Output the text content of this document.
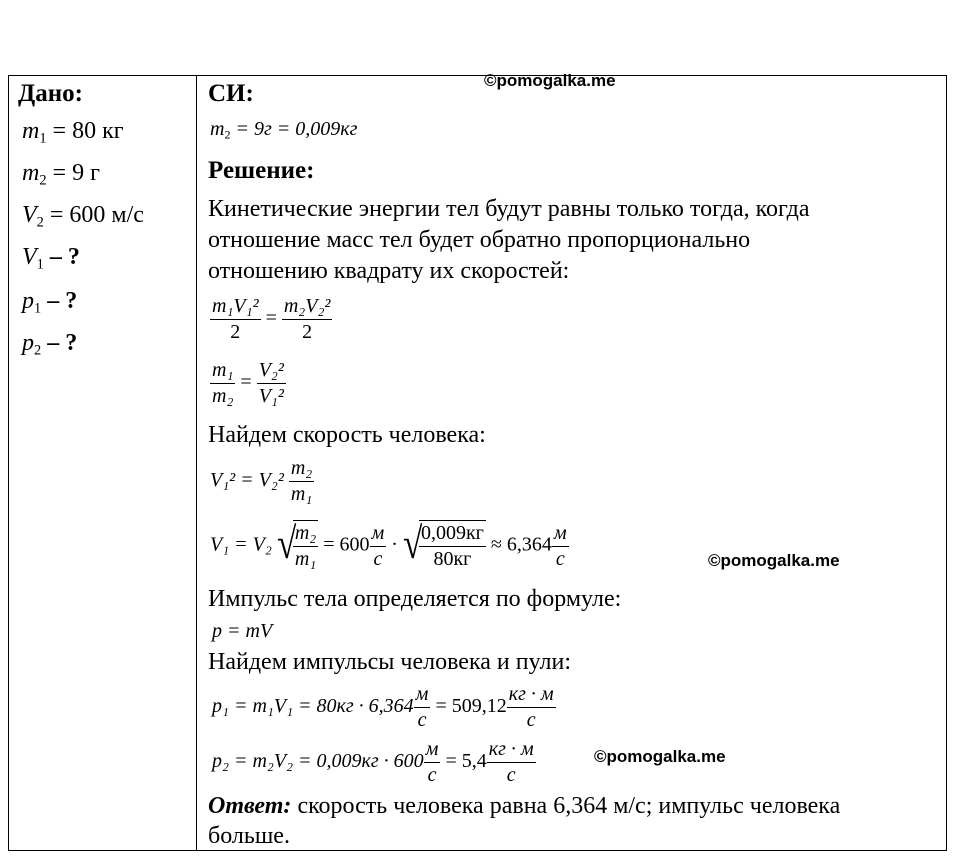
©pomogalka.me
©pomogalka.me
©pomogalka.me
Дано:
$m_1 = 80$ кг
$m_2 = 9$ г
$V_2 = 600$ м/с
$V_1$ – ?
$p_1$ – ?
$p_2$ – ?
СИ:
$m_2 = 9г = 0,009кг$
Решение:
Кинетические энергии тел будут равны только тогда, когда
отношение масс тел будет обратно пропорционально
отношению квадрату их скоростей:
$\frac{\text{m₁V₁²}}{2} = \frac{\text{m₂V₂²}}{2}$
$\frac{\text{m₁}}{\text{m₂}} = \frac{\text{V₂²}}{\text{V₁²}}$
Найдем скорость человека:
$V_1^2 = V_2^2 \frac{\text{m₂}}{\text{m₁}}$
V₁ = V₂ √
$\frac{\text{m₂}}{\text{m₁}} = 600 \frac{м}{с}$ · √
$\frac{0,009кг}{80кг} \approx 6,364 \frac{м}{с}$
Импульс тела определяется по формуле:
p = mV
Найдем импульсы человека и пули:
$p_1 = m_1V_1 = 80кг \cdot 6,364 \frac{м}{с} = 509,12 \frac{кг \cdot м}{с}$
$p_2 = m_2V_2 = 0,009кг \cdot 600 \frac{м}{с} = 5,4 \frac{кг \cdot м}{с}$
Ответ: скорость человека равна 6,364 м/с; импульс человека
больше.
